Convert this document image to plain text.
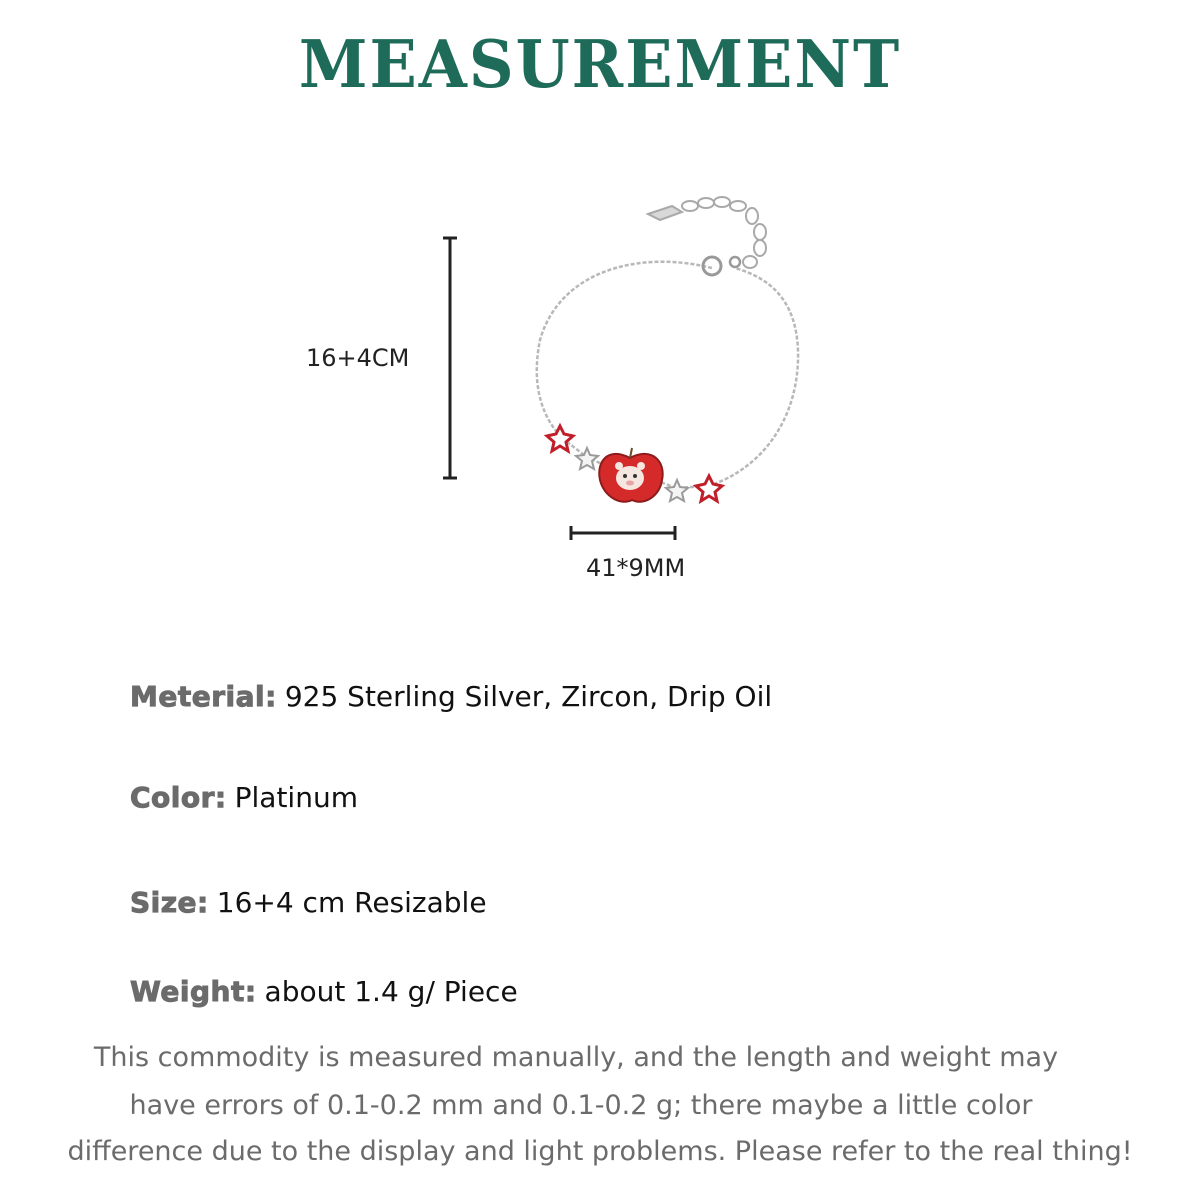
MEASUREMENT
16+4CM
41*9MM
Meterial: 925 Sterling Silver, Zircon, Drip Oil
Color: Platinum
Size: 16+4 cm Resizable
Weight: about 1.4 g/ Piece
This commodity is measured manually, and the length and weight may
have errors of 0.1-0.2 mm and 0.1-0.2 g; there maybe a little color
difference due to the display and light problems. Please refer to the real thing!
